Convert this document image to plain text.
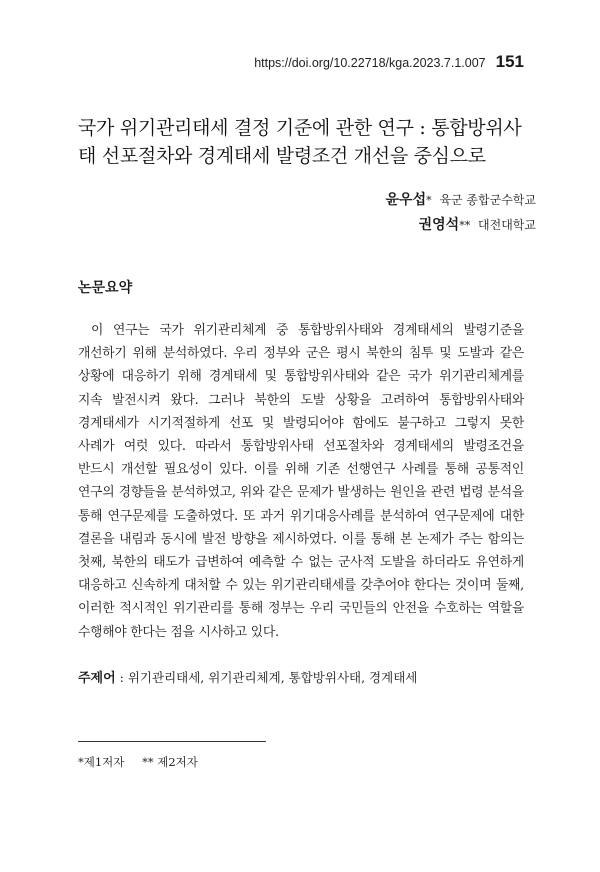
https://doi.org/10.22718/kga.2023.7.1.007 151
국가 위기관리태세 결정 기준에 관한 연구 : 통합방위사태 선포절차와 경계태세 발령조건 개선을 중심으로
윤우섭* 육군 종합군수학교
권영석** 대전대학교
논문요약

이 연구는 국가 위기관리체계 중 통합방위사태와 경계태세의 발령기준을 개선하기 위해 분석하였다. 우리 정부와 군은 평시 북한의 침투 및 도발과 같은 상황에 대응하기 위해 경계태세 및 통합방위사태와 같은 국가 위기관리체계를 지속 발전시켜 왔다. 그러나 북한의 도발 상황을 고려하여 통합방위사태와 경계태세가 시기적절하게 선포 및 발령되어야 함에도 불구하고 그렇지 못한 사례가 여럿 있다. 따라서 통합방위사태 선포절차와 경계태세의 발령조건을 반드시 개선할 필요성이 있다. 이를 위해 기존 선행연구 사례를 통해 공통적인 연구의 경향들을 분석하였고, 위와 같은 문제가 발생하는 원인을 관련 법령 분석을 통해 연구문제를 도출하였다. 또 과거 위기대응사례를 분석하여 연구문제에 대한 결론을 내림과 동시에 발전 방향을 제시하였다. 이를 통해 본 논제가 주는 함의는 첫째, 북한의 태도가 급변하여 예측할 수 없는 군사적 도발을 하더라도 유연하게 대응하고 신속하게 대처할 수 있는 위기관리태세를 갖추어야 한다는 것이며 둘째, 이러한 적시적인 위기관리를 통해 정부는 우리 국민들의 안전을 수호하는 역할을 수행해야 한다는 점을 시사하고 있다.

주제어 : 위기관리태세, 위기관리체계, 통합방위사태, 경계태세
*제1저자 ** 제2저자
